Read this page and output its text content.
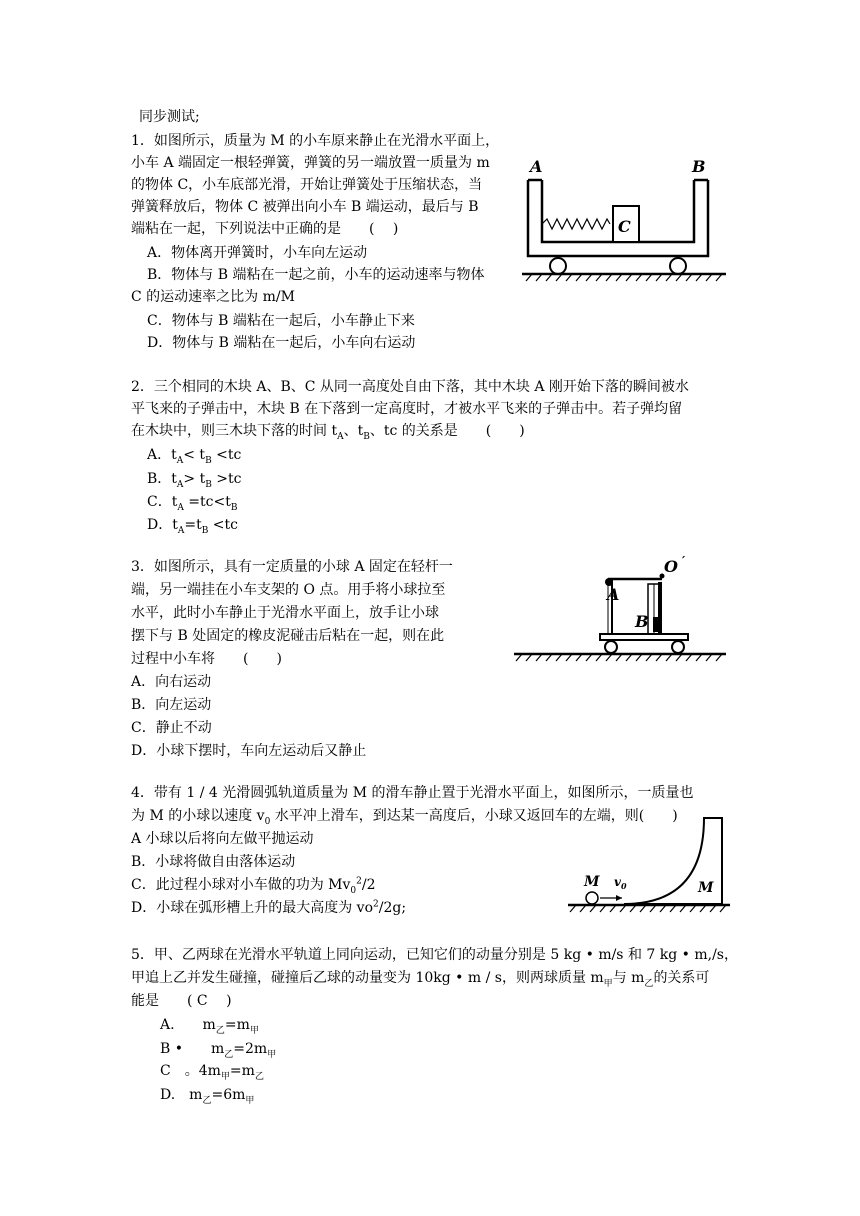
同步测试;
1．如图所示，质量为 M 的小车原来静止在光滑水平面上，
小车 A 端固定一根轻弹簧，弹簧的另一端放置一质量为 m
的物体 C，小车底部光滑，开始让弹簧处于压缩状态，当
弹簧释放后，物体 C 被弹出向小车 B 端运动，最后与 B
端粘在一起，下列说法中正确的是　　(　 )
A．物体离开弹簧时，小车向左运动
B．物体与 B 端粘在一起之前，小车的运动速率与物体
C 的运动速率之比为 m/M
C．物体与 B 端粘在一起后，小车静止下来
D．物体与 B 端粘在一起后，小车向右运动
C
A	B
2．三个相同的木块 A、B、C 从同一高度处自由下落，其中木块 A 刚开始下落的瞬间被水
平飞来的子弹击中，木块 B 在下落到一定高度时，才被水平飞来的子弹击中。若子弹均留
在木块中，则三木块下落的时间 $t_A$、$t_B$、tc 的关系是　　(　　)
A．$t_A< t_B <tc$
B．$t_A> t_B >tc$
C．$t_A =tc<t_B$
D．$t_A=t_B <tc$
3．如图所示，具有一定质量的小球 A 固定在轻杆一
端，另一端挂在小车支架的 O 点。用手将小球拉至
水平，此时小车静止于光滑水平面上，放手让小球
摆下与 B 处固定的橡皮泥碰击后粘在一起，则在此
过程中小车将　　(　　)
A．向右运动
B．向左运动
C．静止不动
D．小球下摆时，车向左运动后又静止
O ′
A
B
4．带有 1 / 4 光滑圆弧轨道质量为 M 的滑车静止置于光滑水平面上，如图所示，一质量也
为 M 的小球以速度 $v_0$ 水平冲上滑车，到达某一高度后，小球又返回车的左端，则(　　)
A 小球以后将向左做平抛运动
B．小球将做自由落体运动
C．此过程小球对小车做的功为 $Mv_0^2/2$
D．小球在弧形槽上升的最大高度为 $vo^2/2g$;
M $v_0$	M
5．甲、乙两球在光滑水平轨道上同向运动，已知它们的动量分别是 5 kg • m/s 和 7 kg • m,/s，
甲追上乙并发生碰撞，碰撞后乙球的动量变为 10kg • m / s，则两球质量 $m_甲$与 $m_乙$的关系可
能是　　( C　 )
A.　　$m_乙=m_甲$
B •　　$m_乙=2m_甲$
C　。$4m_甲=m_乙$
D.　$m_乙=6m_甲$
